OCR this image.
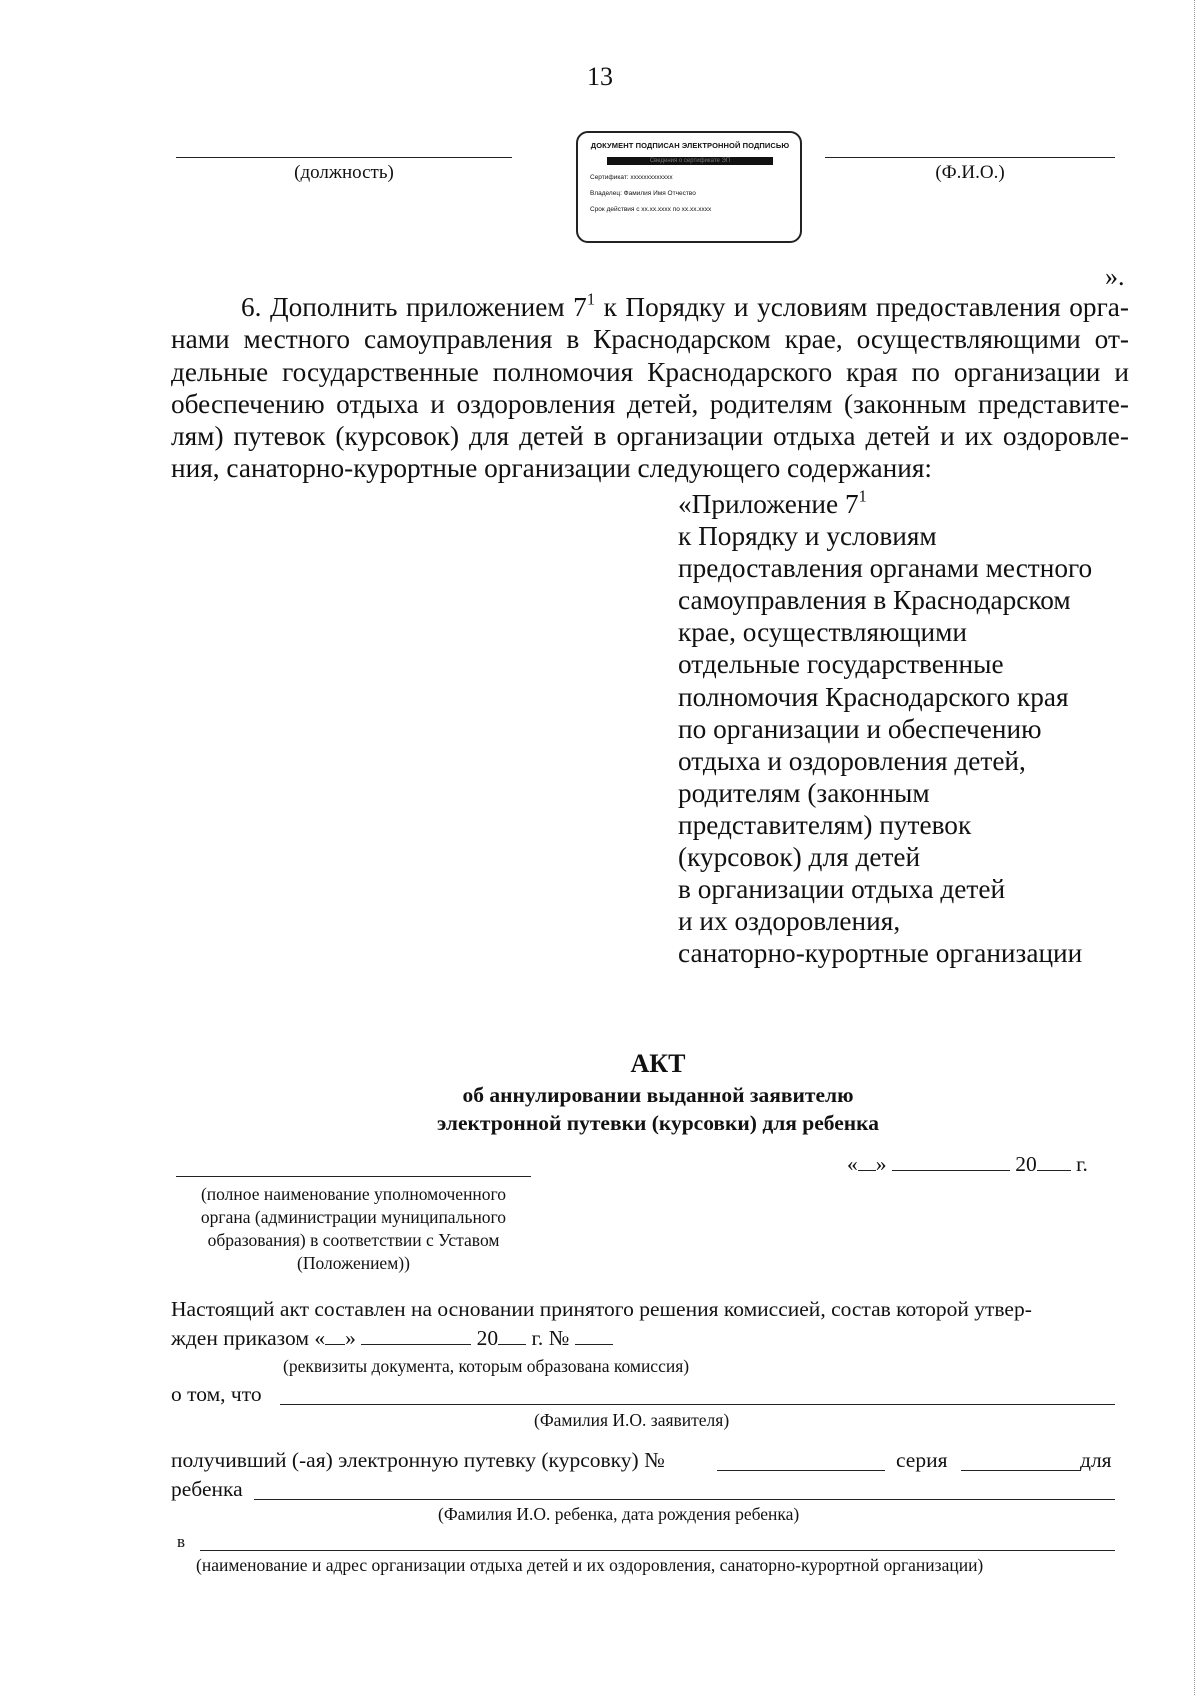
13
(должность)	(Ф.И.О.)
ДОКУМЕНТ ПОДПИСАН ЭЛЕКТРОННОЙ ПОДПИСЬЮ
Сведения о сертификате ЭП
Сертификат: xxxxxxxxxxxxx
Владелец: Фамилия Имя Отчество
Срок действия с xx.xx.xxxx по xx.xx.xxxx
».
6. Дополнить приложением $7^1$ к Порядку и условиям предоставления орга-нами местного самоуправления в Краснодарском крае, осуществляющими от-дельные государственные полномочия Краснодарского края по организации и обеспечению отдыха и оздоровления детей, родителям (законным представите-лям) путевок (курсовок) для детей в организации отдыха детей и их оздоровле-ния, санаторно-курортные организации следующего содержания:
«Приложение $7^1$
к Порядку и условиям
предоставления органами местного
самоуправления в Краснодарском
крае, осуществляющими
отдельные государственные
полномочия Краснодарского края
по организации и обеспечению
отдыха и оздоровления детей,
родителям (законным
представителям) путевок
(курсовок) для детей
в организации отдыха детей
и их оздоровления,
санаторно-курортные организации
АКТ
об аннулировании выданной заявителю
электронной путевки (курсовки) для ребенка
(полное наименование уполномоченного
органа (администрации муниципального
образования) в соответствии с Уставом
(Положением))
« »	20 г.
Настоящий акт составлен на основании принятого решения комиссией, состав которой утвер-
жден приказом « »	20 г. №
(реквизиты документа, которым образована комиссия)
о том, что
(Фамилия И.О. заявителя)
получивший (-ая) электронную путевку (курсовку) №	серия	для
ребенка
(Фамилия И.О. ребенка, дата рождения ребенка)
в
(наименование и адрес организации отдыха детей и их оздоровления, санаторно-курортной организации)
